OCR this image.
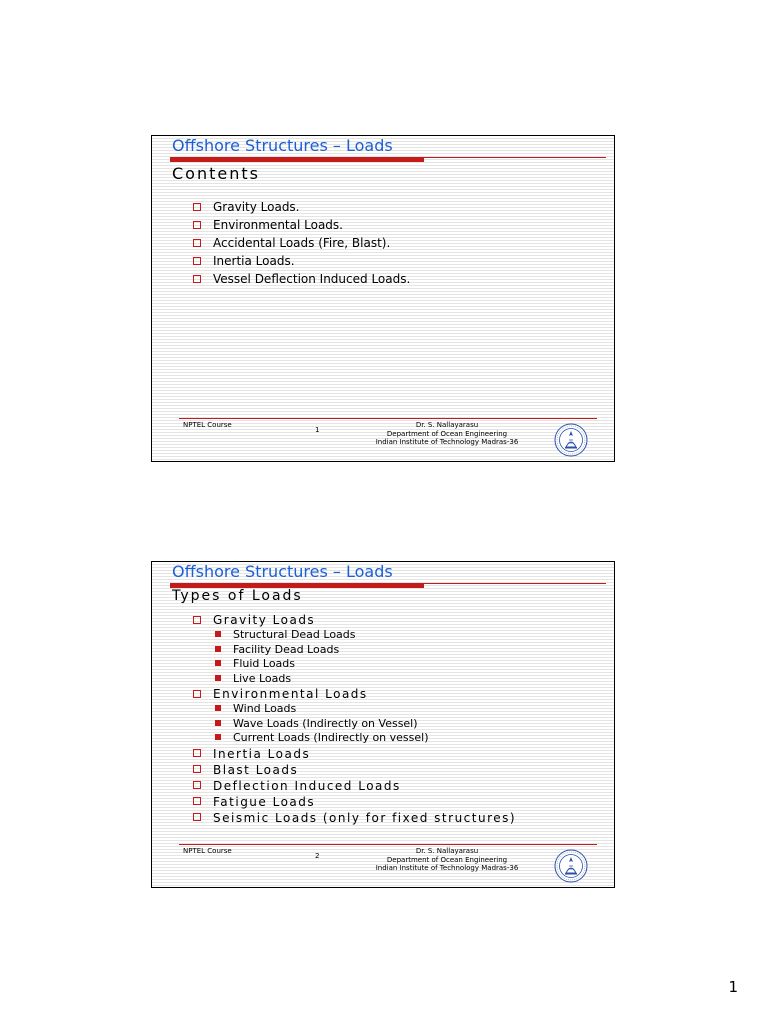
Offshore Structures – Loads
Contents
Gravity Loads.
Environmental Loads.
Accidental Loads (Fire, Blast).
Inertia Loads.
Vessel Deflection Induced Loads.
NPTEL Course
1
Dr. S. Nallayarasu
Department of Ocean Engineering
Indian Institute of Technology Madras-36
Offshore Structures – Loads
Types of Loads
Gravity Loads
Structural Dead Loads
Facility Dead Loads
Fluid Loads
Live Loads
Environmental Loads
Wind Loads
Wave Loads (Indirectly on Vessel)
Current Loads (Indirectly on vessel)
Inertia Loads
Blast Loads
Deflection Induced Loads
Fatigue Loads
Seismic Loads (only for fixed structures)
NPTEL Course
2
Dr. S. Nallayarasu
Department of Ocean Engineering
Indian Institute of Technology Madras-36
1
